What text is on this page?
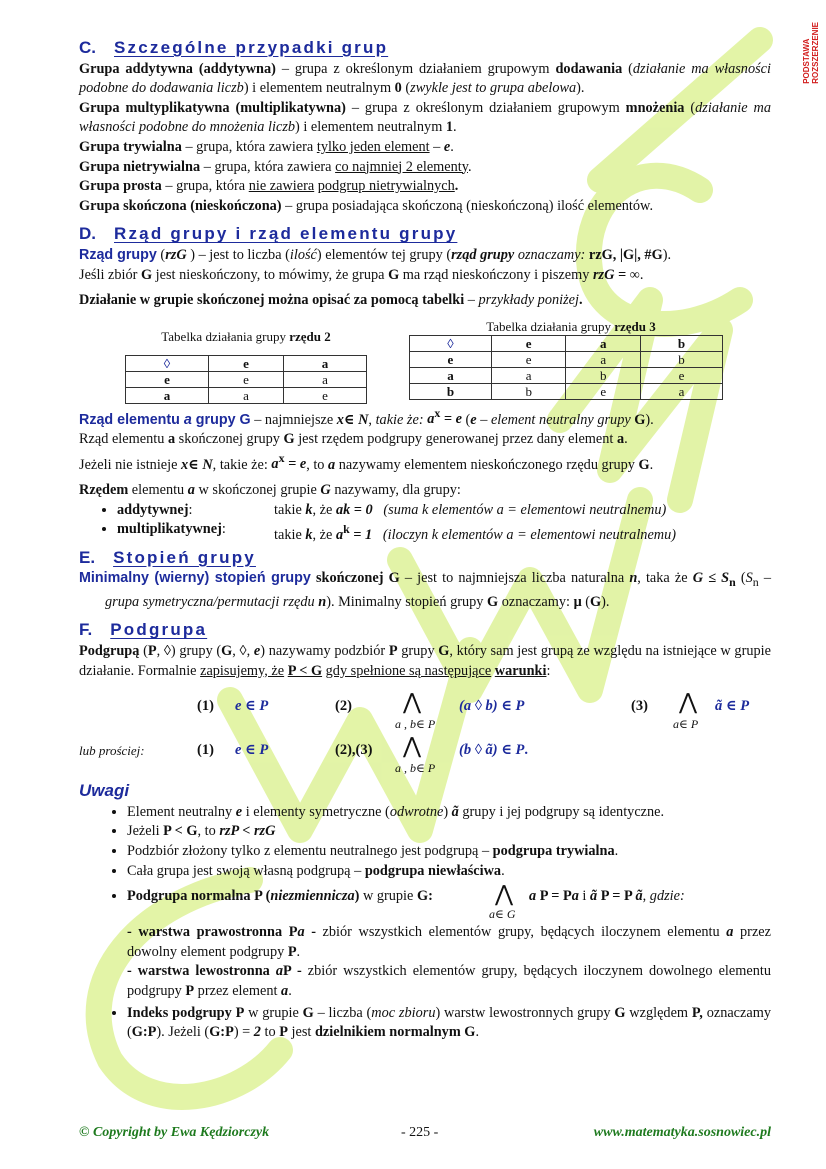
PODSTAWA ROZSZERZENIE
C. Szczególne przypadki grup

Grupa addytywna (addytywna) – grupa z określonym działaniem grupowym dodawania (działanie ma własności podobne do dodawania liczb) i elementem neutralnym 0 (zwykle jest to grupa abelowa).

Grupa multyplikatywna (multiplikatywna) – grupa z określonym działaniem grupowym mnożenia (działanie ma własności podobne do mnożenia liczb) i elementem neutralnym 1.

Grupa trywialna – grupa, która zawiera tylko jeden element – e.

Grupa nietrywialna – grupa, która zawiera co najmniej 2 elementy.

Grupa prosta – grupa, która nie zawiera podgrup nietrywialnych.

Grupa skończona (nieskończona) – grupa posiadająca skończoną (nieskończoną) ilość elementów.

D. Rząd grupy i rząd elementu grupy

Rząd grupy (rzG ) – jest to liczba (ilość) elementów tej grupy (rząd grupy oznaczamy: rzG, |G|, #G).

Jeśli zbiór G jest nieskończony, to mówimy, że grupa G ma rząd nieskończony i piszemy rzG = ∞.

Działanie w grupie skończonej można opisać za pomocą tabelki – przykłady poniżej.

Tabelka działania grupy rzędu 2
◊	e	a
e	e	a
a	a	e
Tabelka działania grupy rzędu 3
◊	e	a	b
e	e	a	b
a	a	b	e
b	b	e	a

Rząd elementu a grupy G – najmniejsze x∈ N, takie że: $a^x = e$ (e – element neutralny grupy G).

Rząd elementu a skończonej grupy G jest rzędem podgrupy generowanej przez dany element a.

Jeżeli nie istnieje x∈ N, takie że: $a^x = e$, to a nazywamy elementem nieskończonego rzędu grupy G.

Rzędem elementu a w skończonej grupie G nazywamy, dla grupy:

• addytywnej:	takie k, że ak = 0 (suma k elementów a = elementowi neutralnemu)
• multiplikatywnej:	takie k, że $a^k = 1$ (iloczyn k elementów a = elementowi neutralnemu)
E. Stopień grupy

Minimalny (wierny) stopień grupy skończonej G – jest to najmniejsza liczba naturalna n, taka że $G \le S_n$ ($S_n$ – grupa symetryczna/permutacji rzędu n). Minimalny stopień grupy G oznaczamy: μ (G).

F. Podgrupa

Podgrupą (P, ◊) grupy (G, ◊, e) nazywamy podzbiór P grupy G, który sam jest grupą ze względu na istniejące w grupie działanie. Formalnie zapisujemy, że P < G gdy spełnione są następujące warunki:

(1) e ∈ P	(2) ⋀
a , b∈ P
(a ◊ b) ∈ P	(3) ⋀
a∈ P
ã ∈ P
lub prościej:	(1) e ∈ P	(2),(3) ⋀
a , b∈ P
(b ◊ ã) ∈ P.
Uwagi
• Element neutralny e i elementy symetryczne (odwrotne) ã grupy i jej podgrupy są identyczne.
• Jeżeli P < G, to rzP < rzG
• Podzbiór złożony tylko z elementu neutralnego jest podgrupą – podgrupa trywialna.
• Cała grupa jest swoją własną podgrupą – podgrupa niewłaściwa.
• Podgrupa normalna P (niezmiennicza) w grupie G:	⋀
a∈ G
a P = Pa i ã P = P ã, gdzie:

- warstwa prawostronna Pa - zbiór wszystkich elementów grupy, będących iloczynem elementu a przez dowolny element podgrupy P.

- warstwa lewostronna aP - zbiór wszystkich elementów grupy, będących iloczynem dowolnego elementu podgrupy P przez element a.

• Indeks podgrupy P w grupie G – liczba (moc zbioru) warstw lewostronnych grupy G względem P, oznaczamy (G:P). Jeżeli (G:P) = 2 to P jest dzielnikiem normalnym G.
© Copyright by Ewa Kędziorczyk	- 225 -	www.matematyka.sosnowiec.pl
